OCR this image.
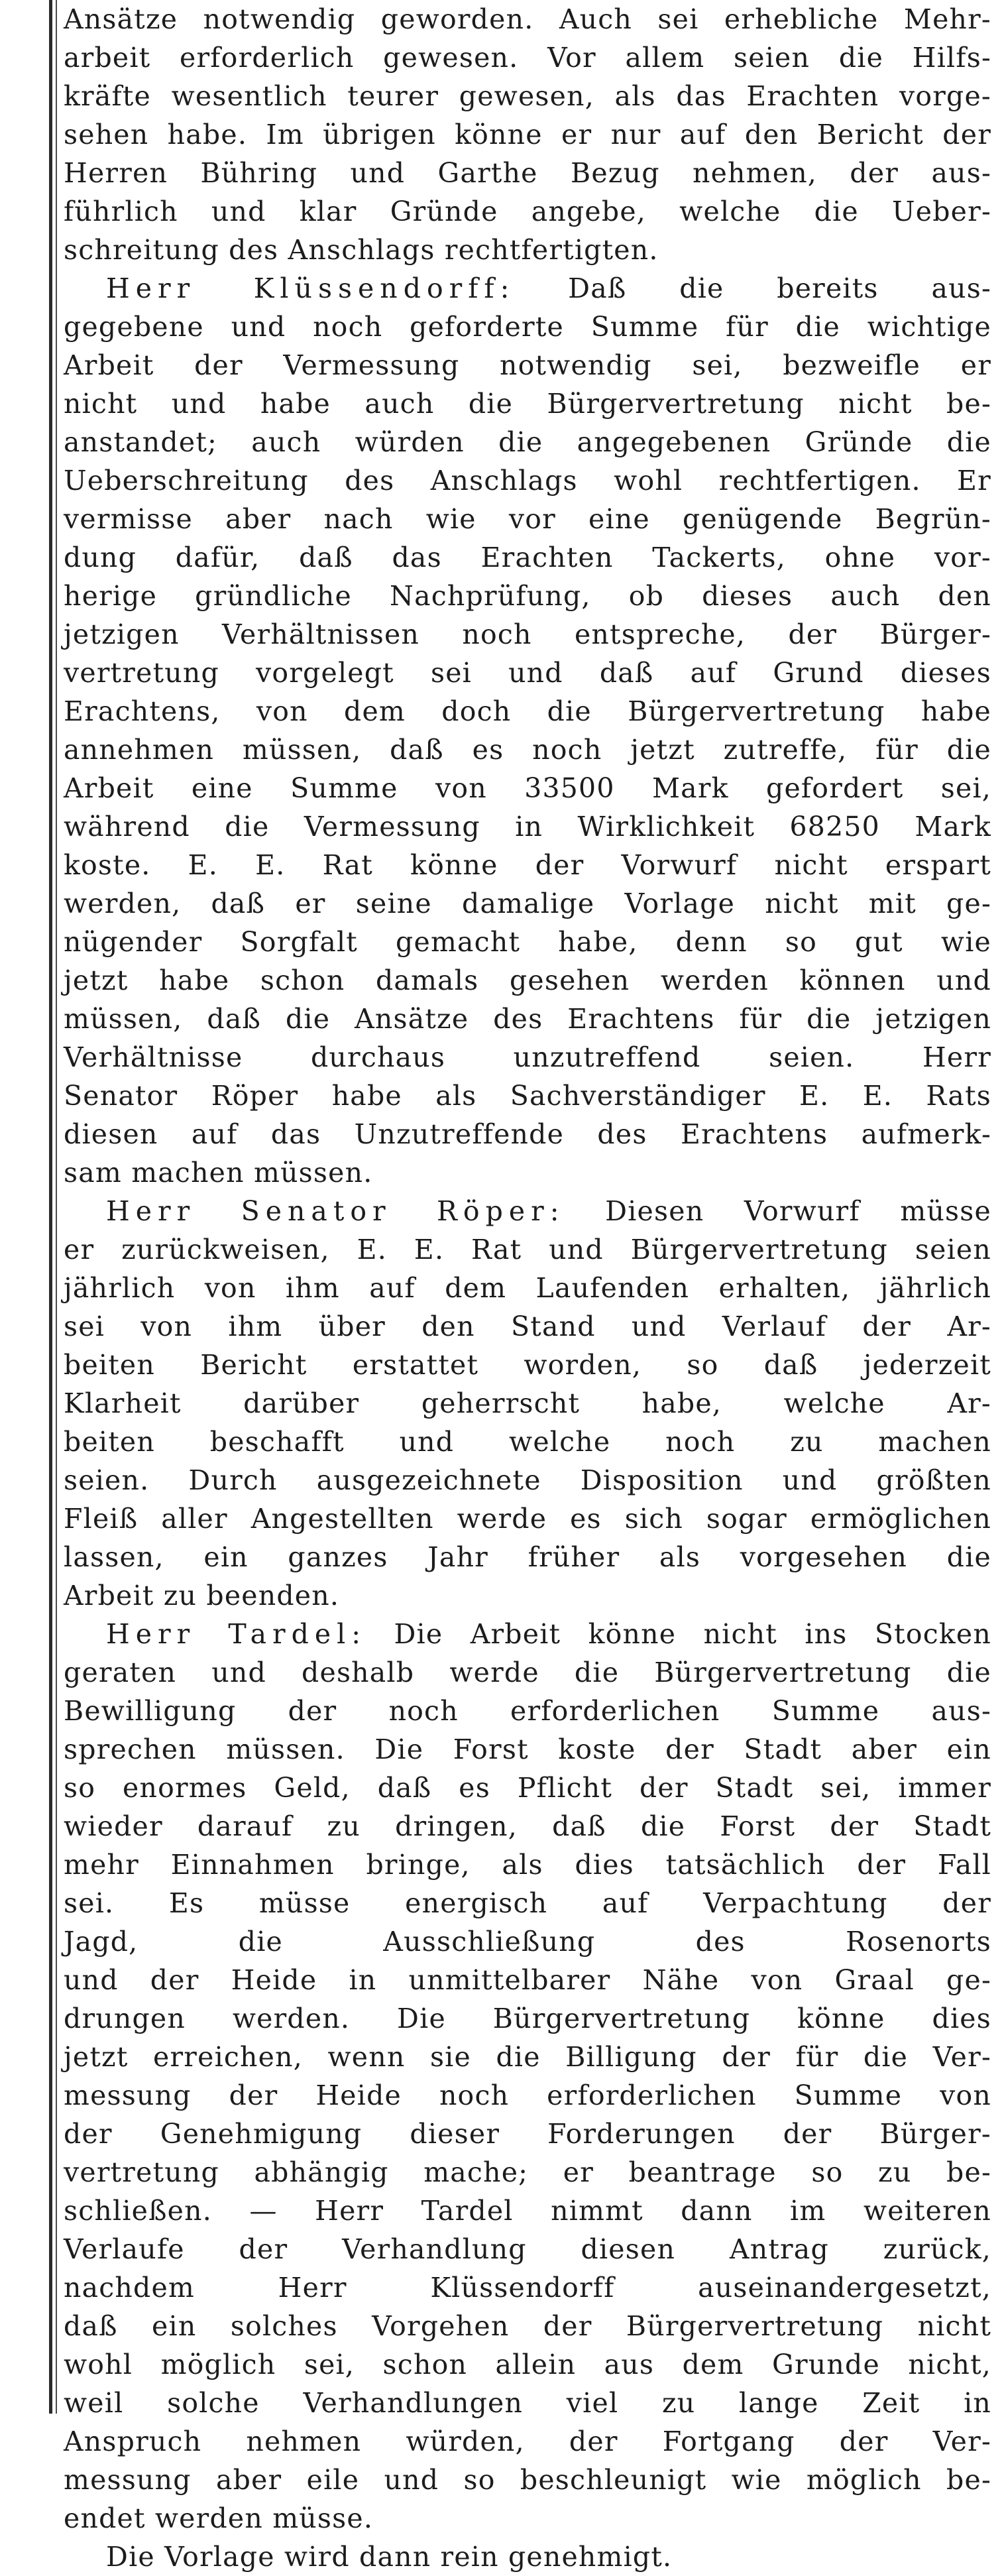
Ansätze notwendig geworden. Auch sei erhebliche Mehr-
arbeit erforderlich gewesen. Vor allem seien die Hilfs-
kräfte wesentlich teurer gewesen, als das Erachten vorge-
sehen habe. Im übrigen könne er nur auf den Bericht der
Herren Bühring und Garthe Bezug nehmen, der aus-
führlich und klar Gründe angebe, welche die Ueber-
schreitung des Anschlags rechtfertigten.
Herr Klüssendorff: Daß die bereits aus-
gegebene und noch geforderte Summe für die wichtige
Arbeit der Vermessung notwendig sei, bezweifle er
nicht und habe auch die Bürgervertretung nicht be-
anstandet; auch würden die angegebenen Gründe die
Ueberschreitung des Anschlags wohl rechtfertigen. Er
vermisse aber nach wie vor eine genügende Begrün-
dung dafür, daß das Erachten Tackerts, ohne vor-
herige gründliche Nachprüfung, ob dieses auch den
jetzigen Verhältnissen noch entspreche, der Bürger-
vertretung vorgelegt sei und daß auf Grund dieses
Erachtens, von dem doch die Bürgervertretung habe
annehmen müssen, daß es noch jetzt zutreffe, für die
Arbeit eine Summe von 33500 Mark gefordert sei,
während die Vermessung in Wirklichkeit 68250 Mark
koste. E. E. Rat könne der Vorwurf nicht erspart
werden, daß er seine damalige Vorlage nicht mit ge-
nügender Sorgfalt gemacht habe, denn so gut wie
jetzt habe schon damals gesehen werden können und
müssen, daß die Ansätze des Erachtens für die jetzigen
Verhältnisse durchaus unzutreffend seien. Herr
Senator Röper habe als Sachverständiger E. E. Rats
diesen auf das Unzutreffende des Erachtens aufmerk-
sam machen müssen.
Herr Senator Röper: Diesen Vorwurf müsse
er zurückweisen, E. E. Rat und Bürgervertretung seien
jährlich von ihm auf dem Laufenden erhalten, jährlich
sei von ihm über den Stand und Verlauf der Ar-
beiten Bericht erstattet worden, so daß jederzeit
Klarheit darüber geherrscht habe, welche Ar-
beiten beschafft und welche noch zu machen
seien. Durch ausgezeichnete Disposition und größten
Fleiß aller Angestellten werde es sich sogar ermöglichen
lassen, ein ganzes Jahr früher als vorgesehen die
Arbeit zu beenden.
Herr Tardel: Die Arbeit könne nicht ins Stocken
geraten und deshalb werde die Bürgervertretung die
Bewilligung der noch erforderlichen Summe aus-
sprechen müssen. Die Forst koste der Stadt aber ein
so enormes Geld, daß es Pflicht der Stadt sei, immer
wieder darauf zu dringen, daß die Forst der Stadt
mehr Einnahmen bringe, als dies tatsächlich der Fall
sei. Es müsse energisch auf Verpachtung der
Jagd, die Ausschließung des Rosenorts
und der Heide in unmittelbarer Nähe von Graal ge-
drungen werden. Die Bürgervertretung könne dies
jetzt erreichen, wenn sie die Billigung der für die Ver-
messung der Heide noch erforderlichen Summe von
der Genehmigung dieser Forderungen der Bürger-
vertretung abhängig mache; er beantrage so zu be-
schließen. — Herr Tardel nimmt dann im weiteren
Verlaufe der Verhandlung diesen Antrag zurück,
nachdem Herr Klüssendorff auseinandergesetzt,
daß ein solches Vorgehen der Bürgervertretung nicht
wohl möglich sei, schon allein aus dem Grunde nicht,
weil solche Verhandlungen viel zu lange Zeit in
Anspruch nehmen würden, der Fortgang der Ver-
messung aber eile und so beschleunigt wie möglich be-
endet werden müsse.
Die Vorlage wird dann rein genehmigt.
